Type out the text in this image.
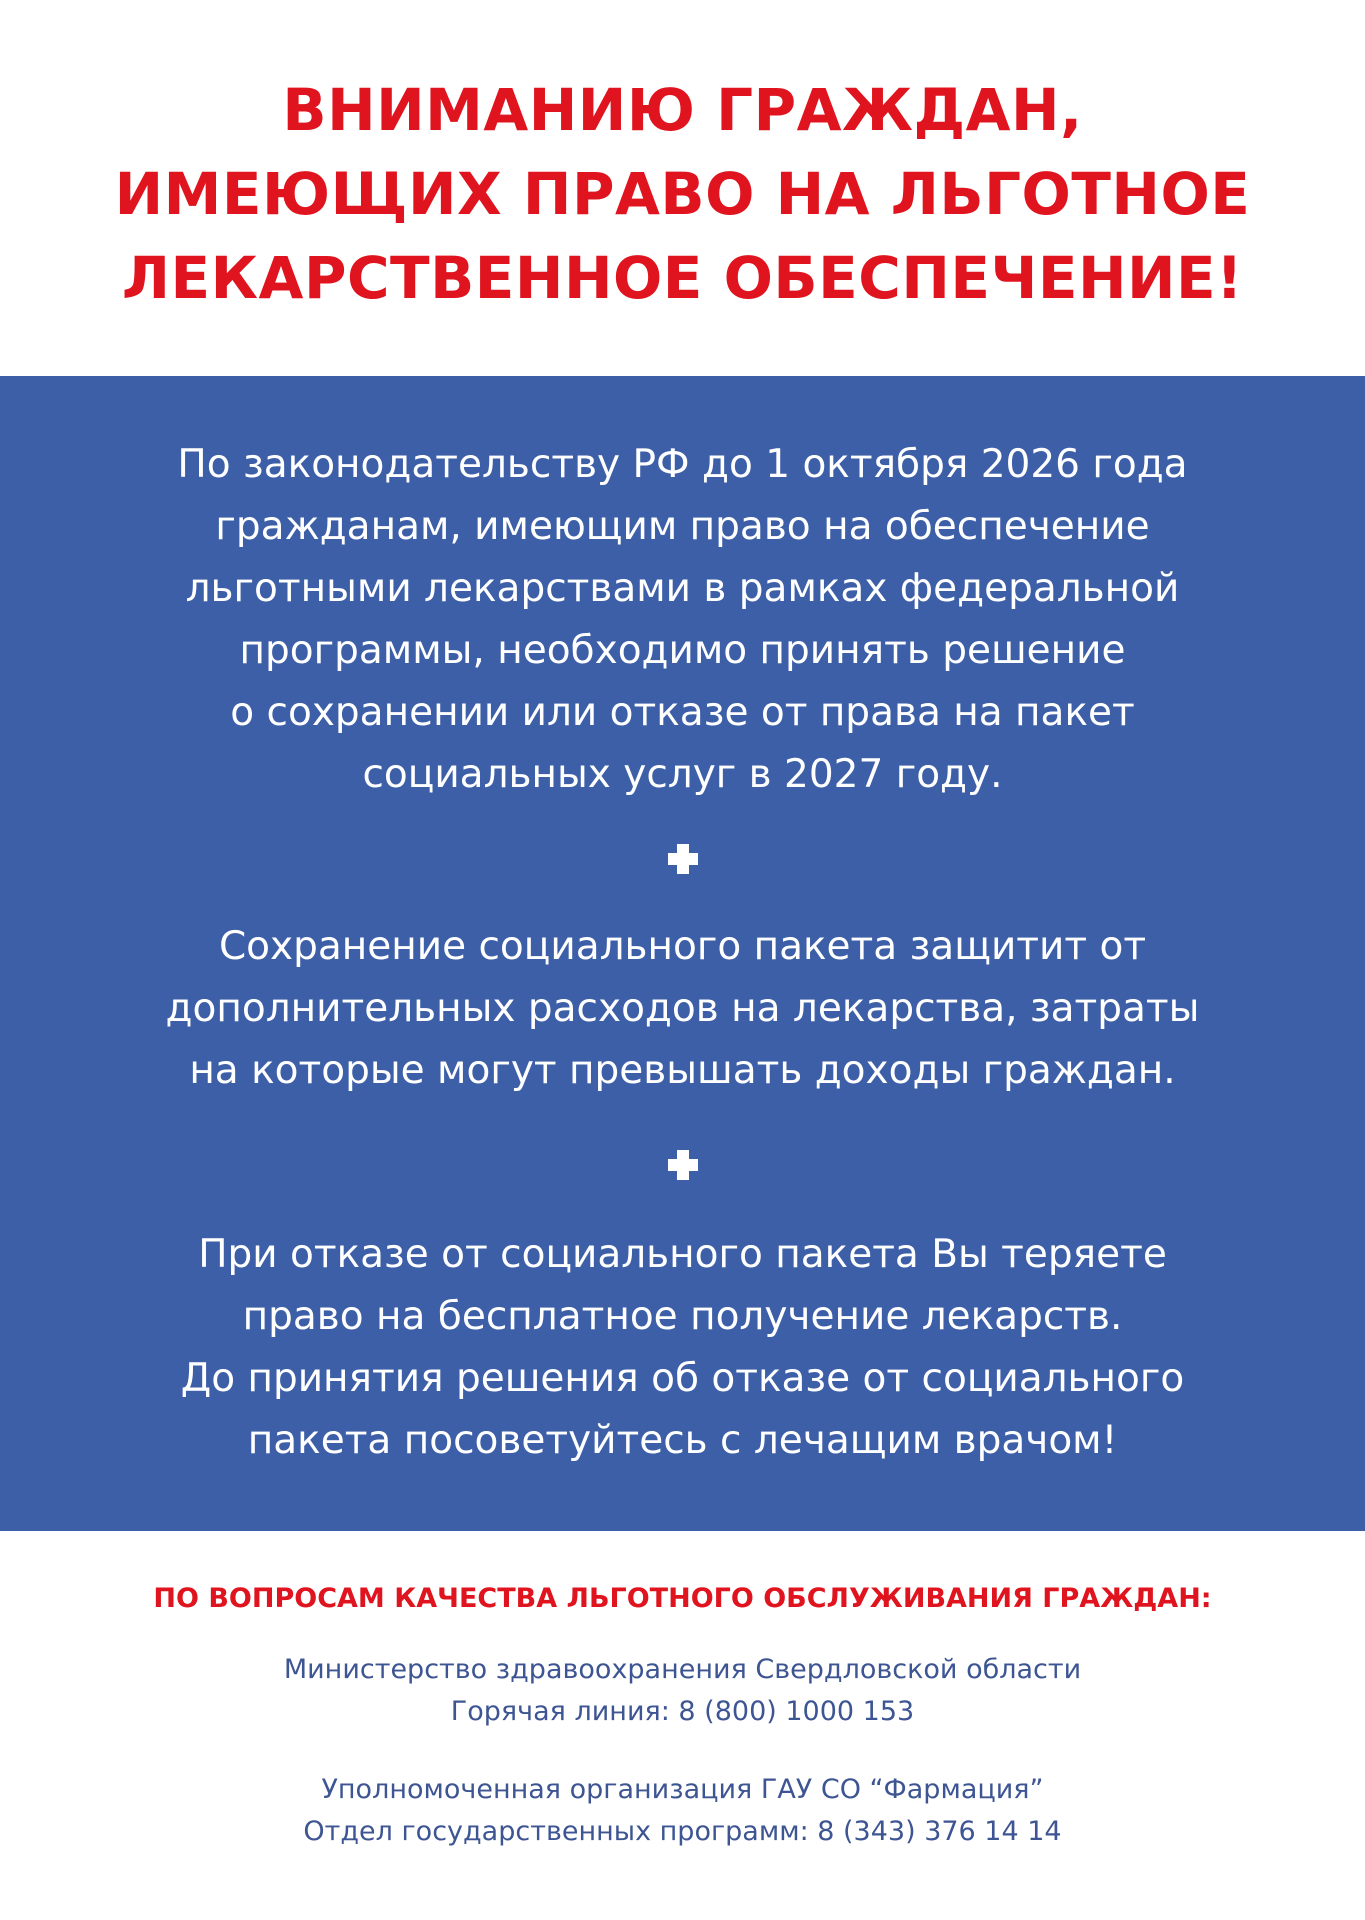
ВНИМАНИЮ ГРАЖДАН,
ИМЕЮЩИХ ПРАВО НА ЛЬГОТНОЕ
ЛЕКАРСТВЕННОЕ ОБЕСПЕЧЕНИЕ!
По законодательству РФ до 1 октября 2026 года
гражданам, имеющим право на обеспечение
льготными лекарствами в рамках федеральной
программы, необходимо принять решение
о сохранении или отказе от права на пакет
социальных услуг в 2027 году.
Сохранение социального пакета защитит от
дополнительных расходов на лекарства, затраты
на которые могут превышать доходы граждан.
При отказе от социального пакета Вы теряете
право на бесплатное получение лекарств.
До принятия решения об отказе от социального
пакета посоветуйтесь с лечащим врачом!
ПО ВОПРОСАМ КАЧЕСТВА ЛЬГОТНОГО ОБСЛУЖИВАНИЯ ГРАЖДАН:
Министерство здравоохранения Свердловской области
Горячая линия: 8 (800) 1000 153
Уполномоченная организация ГАУ СО “Фармация”
Отдел государственных программ: 8 (343) 376 14 14
